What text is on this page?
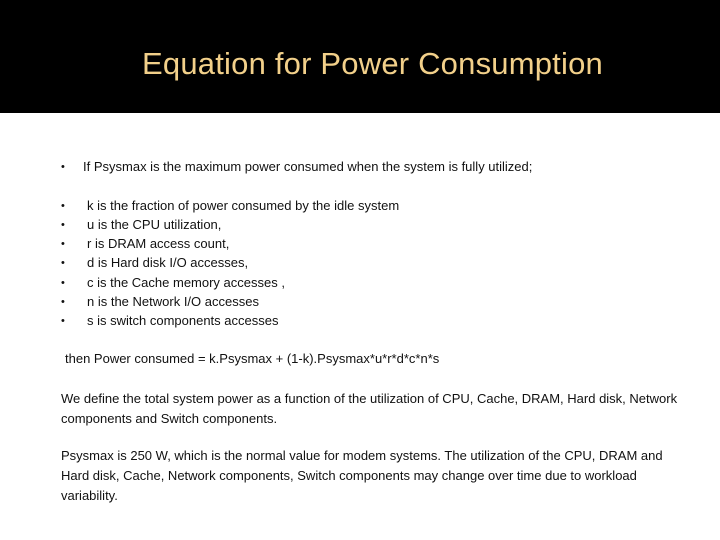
Equation for Power Consumption
• If Psysmax is the maximum power consumed when the system is fully utilized;
• k is the fraction of power consumed by the idle system
• u is the CPU utilization,
• r is DRAM access count,
• d is Hard disk I/O accesses,
• c is the Cache memory accesses ,
• n is the Network I/O accesses
• s is switch components accesses
then Power consumed = k.Psysmax + (1-k).Psysmax*u*r*d*c*n*s
We define the total system power as a function of the utilization of CPU, Cache, DRAM, Hard disk, Network components and Switch components.
Psysmax is 250 W, which is the normal value for modem systems. The utilization of the CPU, DRAM and Hard disk, Cache, Network components, Switch components may change over time due to workload variability.
